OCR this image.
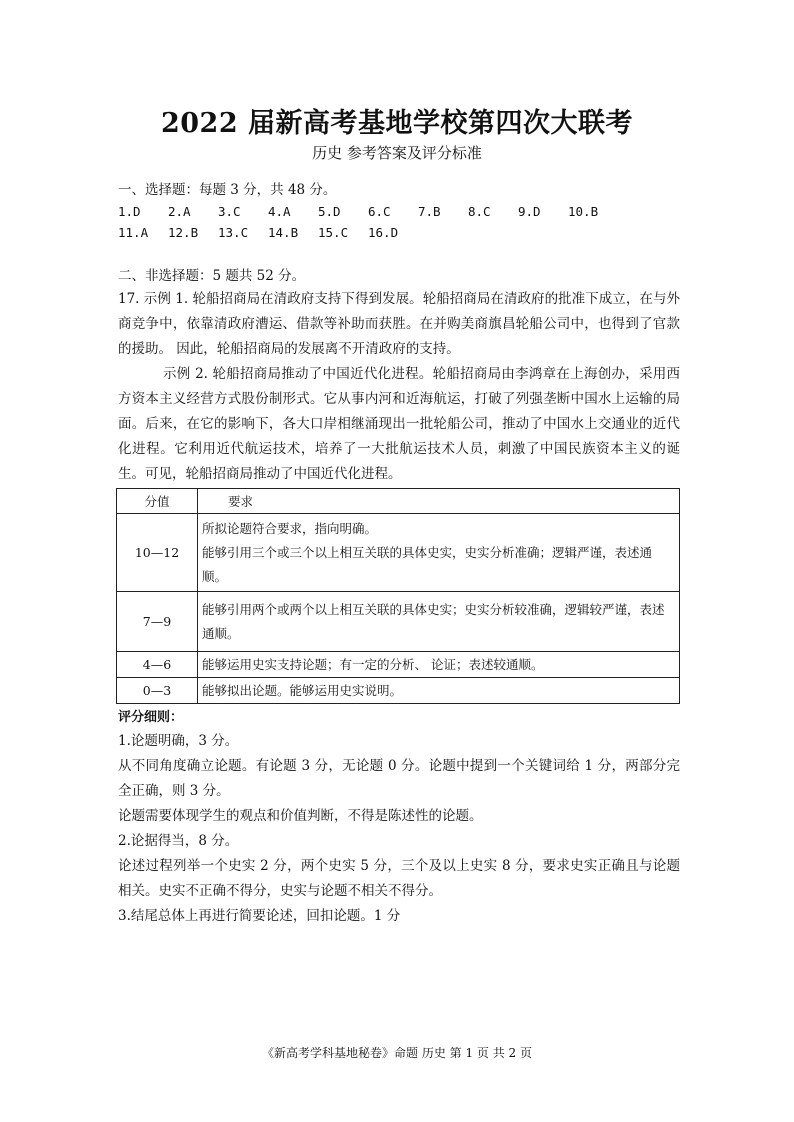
2022 届新高考基地学校第四次大联考
历史 参考答案及评分标准
一、选择题：每题 3 分，共 48 分。
1.D 2.A 3.C 4.A 5.D 6.C 7.B 8.C 9.D 10.B
11.A 12.B 13.C 14.B 15.C 16.D
二、非选择题：5 题共 52 分。
17. 示例 1. 轮船招商局在清政府支持下得到发展。轮船招商局在清政府的批准下成立，在与外商竞争中，依靠清政府漕运、借款等补助而获胜。在并购美商旗昌轮船公司中，也得到了官款的援助。 因此，轮船招商局的发展离不开清政府的支持。
示例 2. 轮船招商局推动了中国近代化进程。轮船招商局由李鸿章在上海创办，采用西方资本主义经营方式股份制形式。它从事内河和近海航运，打破了列强垄断中国水上运输的局面。后来，在它的影响下，各大口岸相继涌现出一批轮船公司，推动了中国水上交通业的近代化进程。它利用近代航运技术，培养了一大批航运技术人员，刺激了中国民族资本主义的诞生。可见，轮船招商局推动了中国近代化进程。
分值	要求
10—12	所拟论题符合要求，指向明确。
能够引用三个或三个以上相互关联的具体史实，史实分析准确；逻辑严谨，表述通顺。

7—9	能够引用两个或两个以上相互关联的具体史实；史实分析较准确，逻辑较严谨，表述通顺。
4—6	能够运用史实支持论题；有一定的分析、 论证；表述较通顺。
0—3	能够拟出论题。能够运用史实说明。
评分细则：
1.论题明确，3 分。
从不同角度确立论题。有论题 3 分，无论题 0 分。论题中提到一个关键词给 1 分，两部分完全正确，则 3 分。
论题需要体现学生的观点和价值判断，不得是陈述性的论题。
2.论据得当，8 分。
论述过程列举一个史实 2 分，两个史实 5 分，三个及以上史实 8 分，要求史实正确且与论题相关。史实不正确不得分，史实与论题不相关不得分。
3.结尾总体上再进行简要论述，回扣论题。1 分
《新高考学科基地秘卷》命题 历史 第 1 页 共 2 页
